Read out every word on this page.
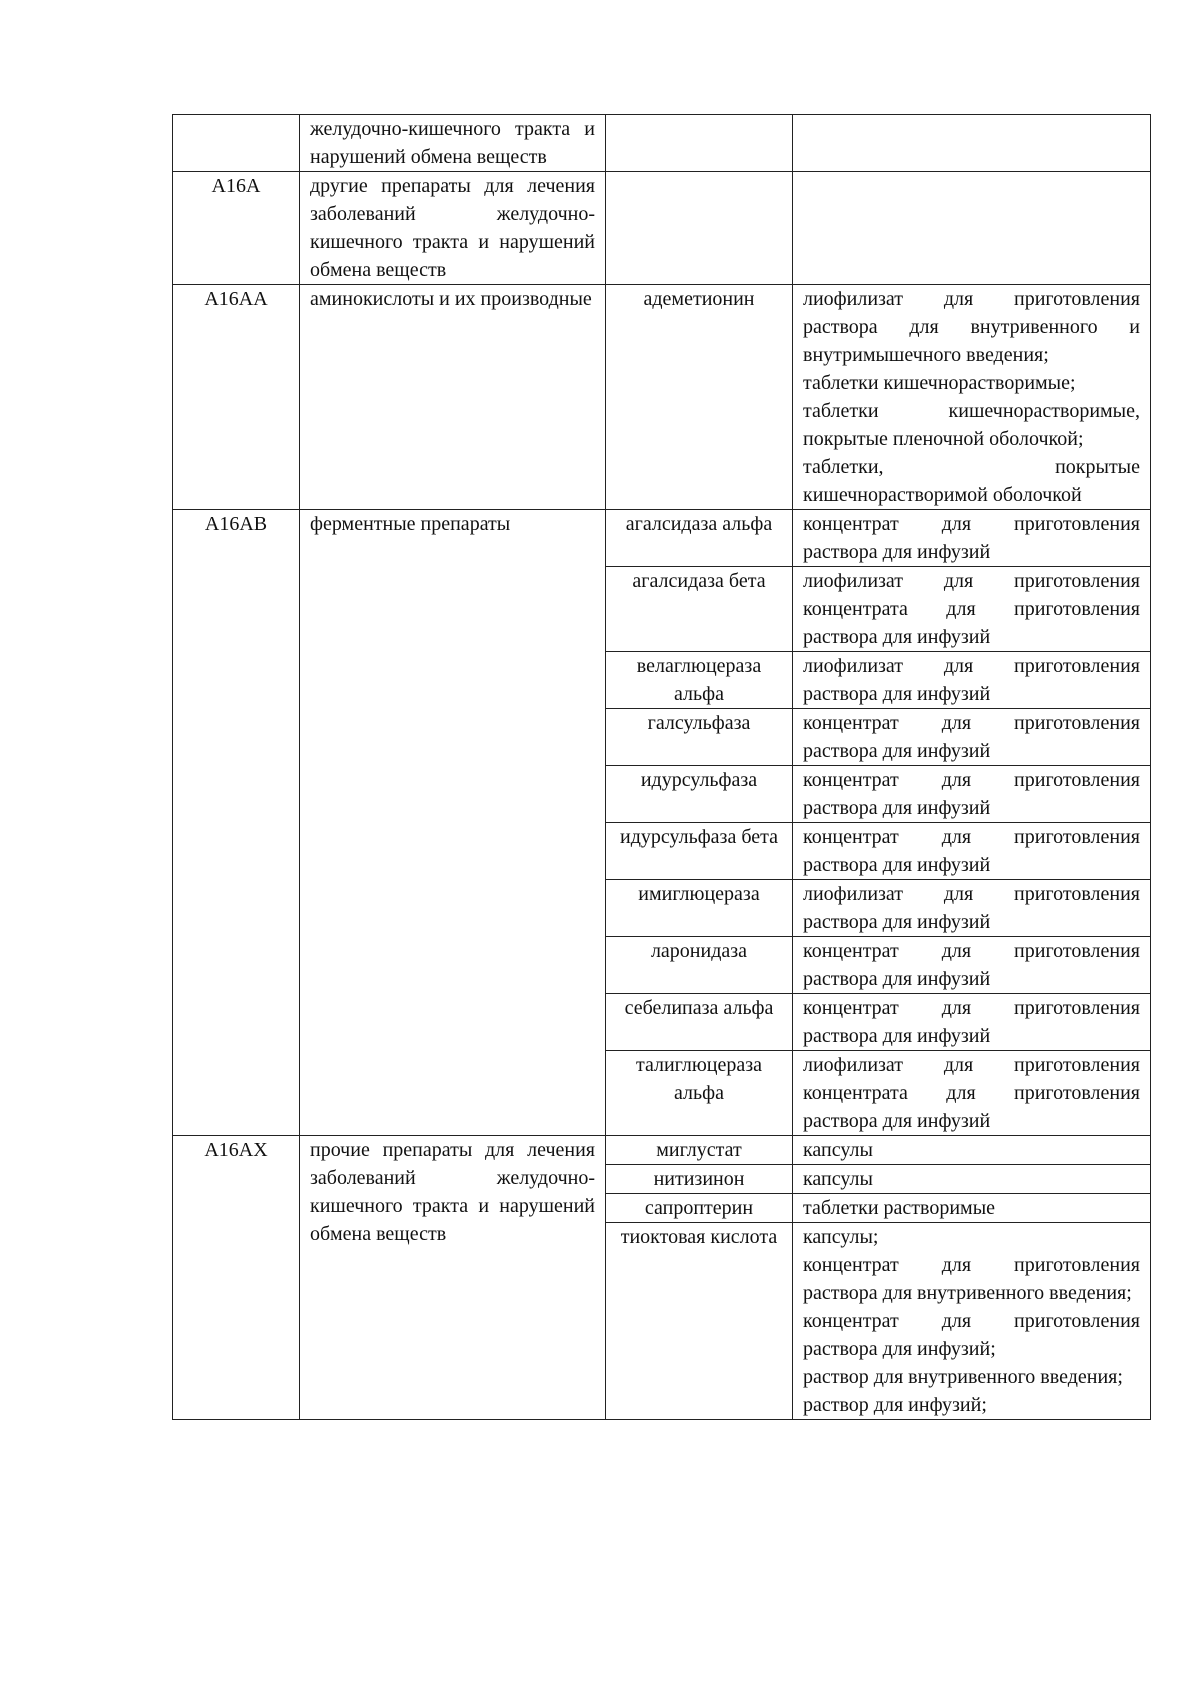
	желудочно-кишечного тракта и нарушений обмена веществ		
A16A	другие препараты для лечения заболеваний желудочно-кишечного тракта и нарушений обмена веществ		
A16AA	аминокислоты и их производные	адеметионин	лиофилизат для приготовления раствора для внутривенного и внутримышечного введения;
таблетки кишечнорастворимые;
таблетки кишечнорастворимые, покрытые пленочной оболочкой;
таблетки, покрытые кишечнорастворимой оболочкой

A16AB	ферментные препараты	агалсидаза альфа	концентрат для приготовления раствора для инфузий

		агалсидаза бета	лиофилизат для приготовления концентрата для приготовления раствора для инфузий

		велаглюцераза альфа	лиофилизат для приготовления раствора для инфузий

		галсульфаза	концентрат для приготовления раствора для инфузий

		идурсульфаза	концентрат для приготовления раствора для инфузий

		идурсульфаза бета	концентрат для приготовления раствора для инфузий

		имиглюцераза	лиофилизат для приготовления раствора для инфузий

		ларонидаза	концентрат для приготовления раствора для инфузий

		себелипаза альфа	концентрат для приготовления раствора для инфузий

		талиглюцераза альфа	лиофилизат для приготовления концентрата для приготовления раствора для инфузий

A16AX	прочие препараты для лечения заболеваний желудочно-кишечного тракта и нарушений обмена веществ	миглустат	капсулы

		нитизинон	капсулы

		сапроптерин	таблетки растворимые

		тиоктовая кислота	капсулы;
концентрат для приготовления раствора для внутривенного введения;
концентрат для приготовления раствора для инфузий;
раствор для внутривенного введения;
раствор для инфузий;
